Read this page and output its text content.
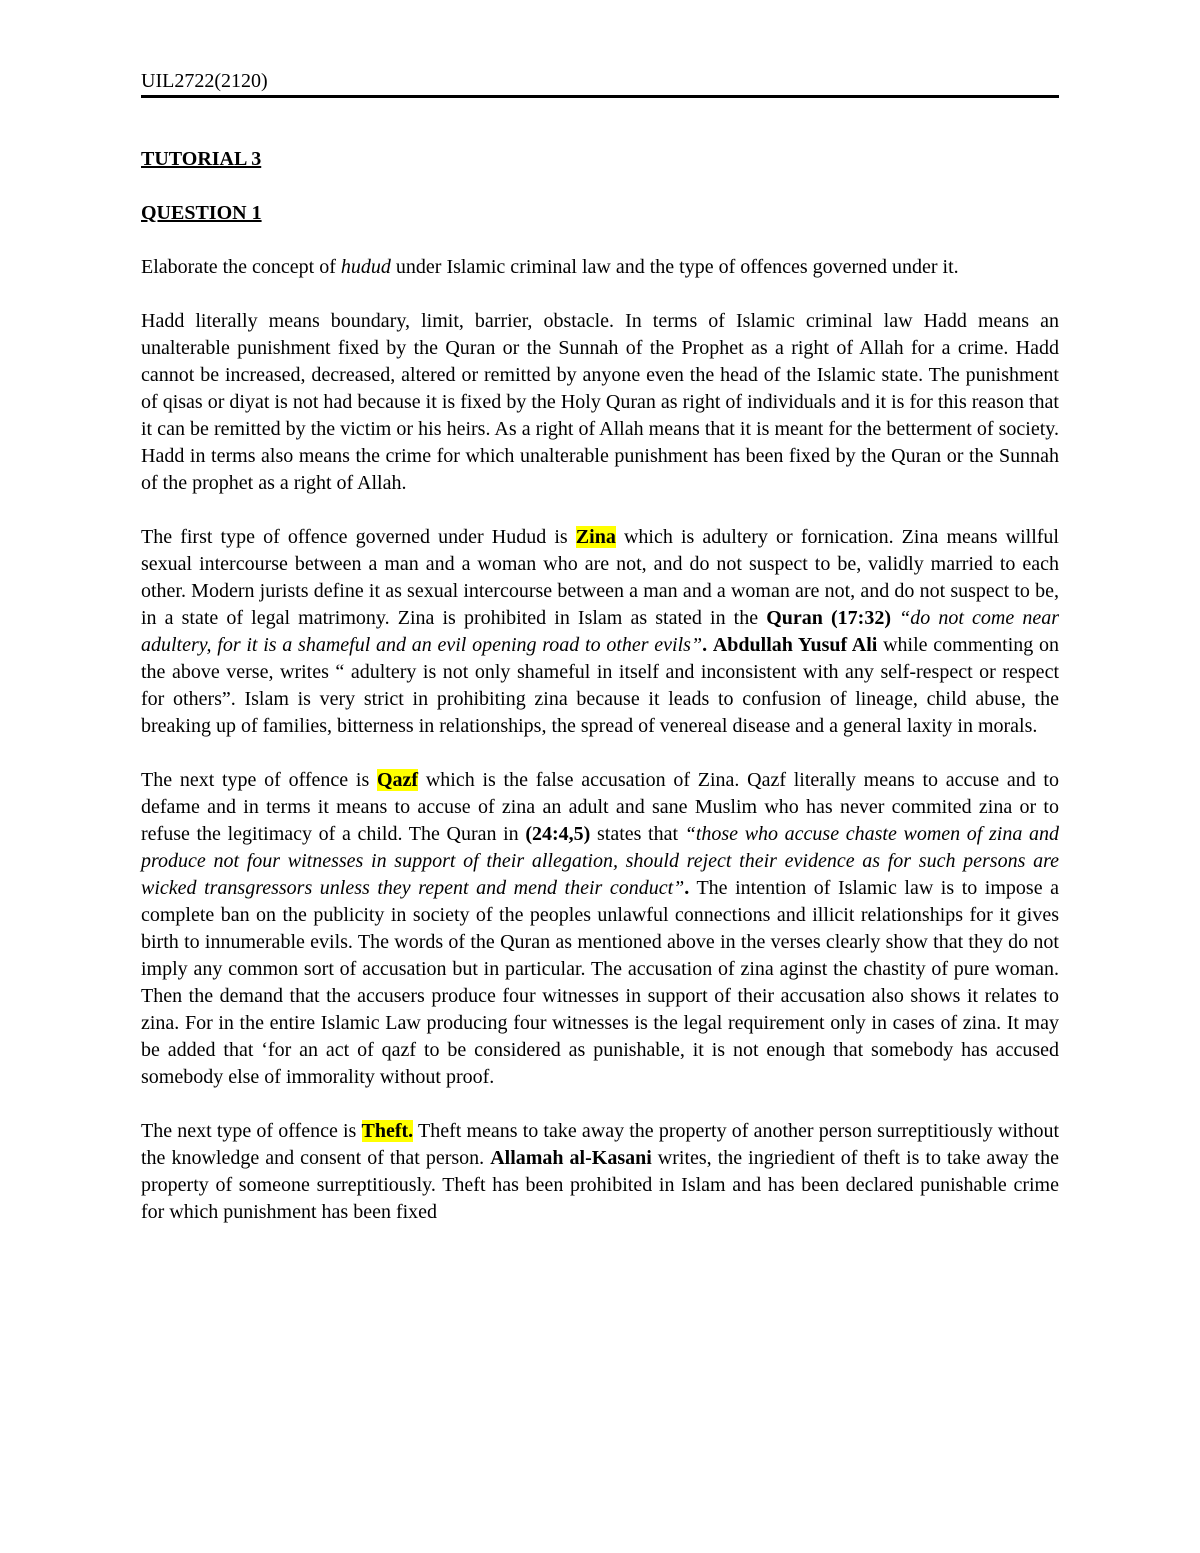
UIL2722(2120)

TUTORIAL 3

QUESTION 1

Elaborate the concept of hudud under Islamic criminal law and the type of offences governed under it.

Hadd literally means boundary, limit, barrier, obstacle. In terms of Islamic criminal law Hadd means an unalterable punishment fixed by the Quran or the Sunnah of the Prophet as a right of Allah for a crime. Hadd cannot be increased, decreased, altered or remitted by anyone even the head of the Islamic state. The punishment of qisas or diyat is not had because it is fixed by the Holy Quran as right of individuals and it is for this reason that it can be remitted by the victim or his heirs. As a right of Allah means that it is meant for the betterment of society. Hadd in terms also means the crime for which unalterable punishment has been fixed by the Quran or the Sunnah of the prophet as a right of Allah.

The first type of offence governed under Hudud is Zina which is adultery or fornication. Zina means willful sexual intercourse between a man and a woman who are not, and do not suspect to be, validly married to each other. Modern jurists define it as sexual intercourse between a man and a woman are not, and do not suspect to be, in a state of legal matrimony. Zina is prohibited in Islam as stated in the Quran (17:32) “do not come near adultery, for it is a shameful and an evil opening road to other evils”. Abdullah Yusuf Ali while commenting on the above verse, writes “ adultery is not only shameful in itself and inconsistent with any self-respect or respect for others”. Islam is very strict in prohibiting zina because it leads to confusion of lineage, child abuse, the breaking up of families, bitterness in relationships, the spread of venereal disease and a general laxity in morals.

The next type of offence is Qazf which is the false accusation of Zina. Qazf literally means to accuse and to defame and in terms it means to accuse of zina an adult and sane Muslim who has never commited zina or to refuse the legitimacy of a child. The Quran in (24:4,5) states that “those who accuse chaste women of zina and produce not four witnesses in support of their allegation, should reject their evidence as for such persons are wicked transgressors unless they repent and mend their conduct”. The intention of Islamic law is to impose a complete ban on the publicity in society of the peoples unlawful connections and illicit relationships for it gives birth to innumerable evils. The words of the Quran as mentioned above in the verses clearly show that they do not imply any common sort of accusation but in particular. The accusation of zina aginst the chastity of pure woman. Then the demand that the accusers produce four witnesses in support of their accusation also shows it relates to zina. For in the entire Islamic Law producing four witnesses is the legal requirement only in cases of zina. It may be added that ‘for an act of qazf to be considered as punishable, it is not enough that somebody has accused somebody else of immorality without proof.

The next type of offence is Theft. Theft means to take away the property of another person surreptitiously without the knowledge and consent of that person. Allamah al-Kasani writes, the ingriedient of theft is to take away the property of someone surreptitiously. Theft has been prohibited in Islam and has been declared punishable crime for which punishment has been fixed
